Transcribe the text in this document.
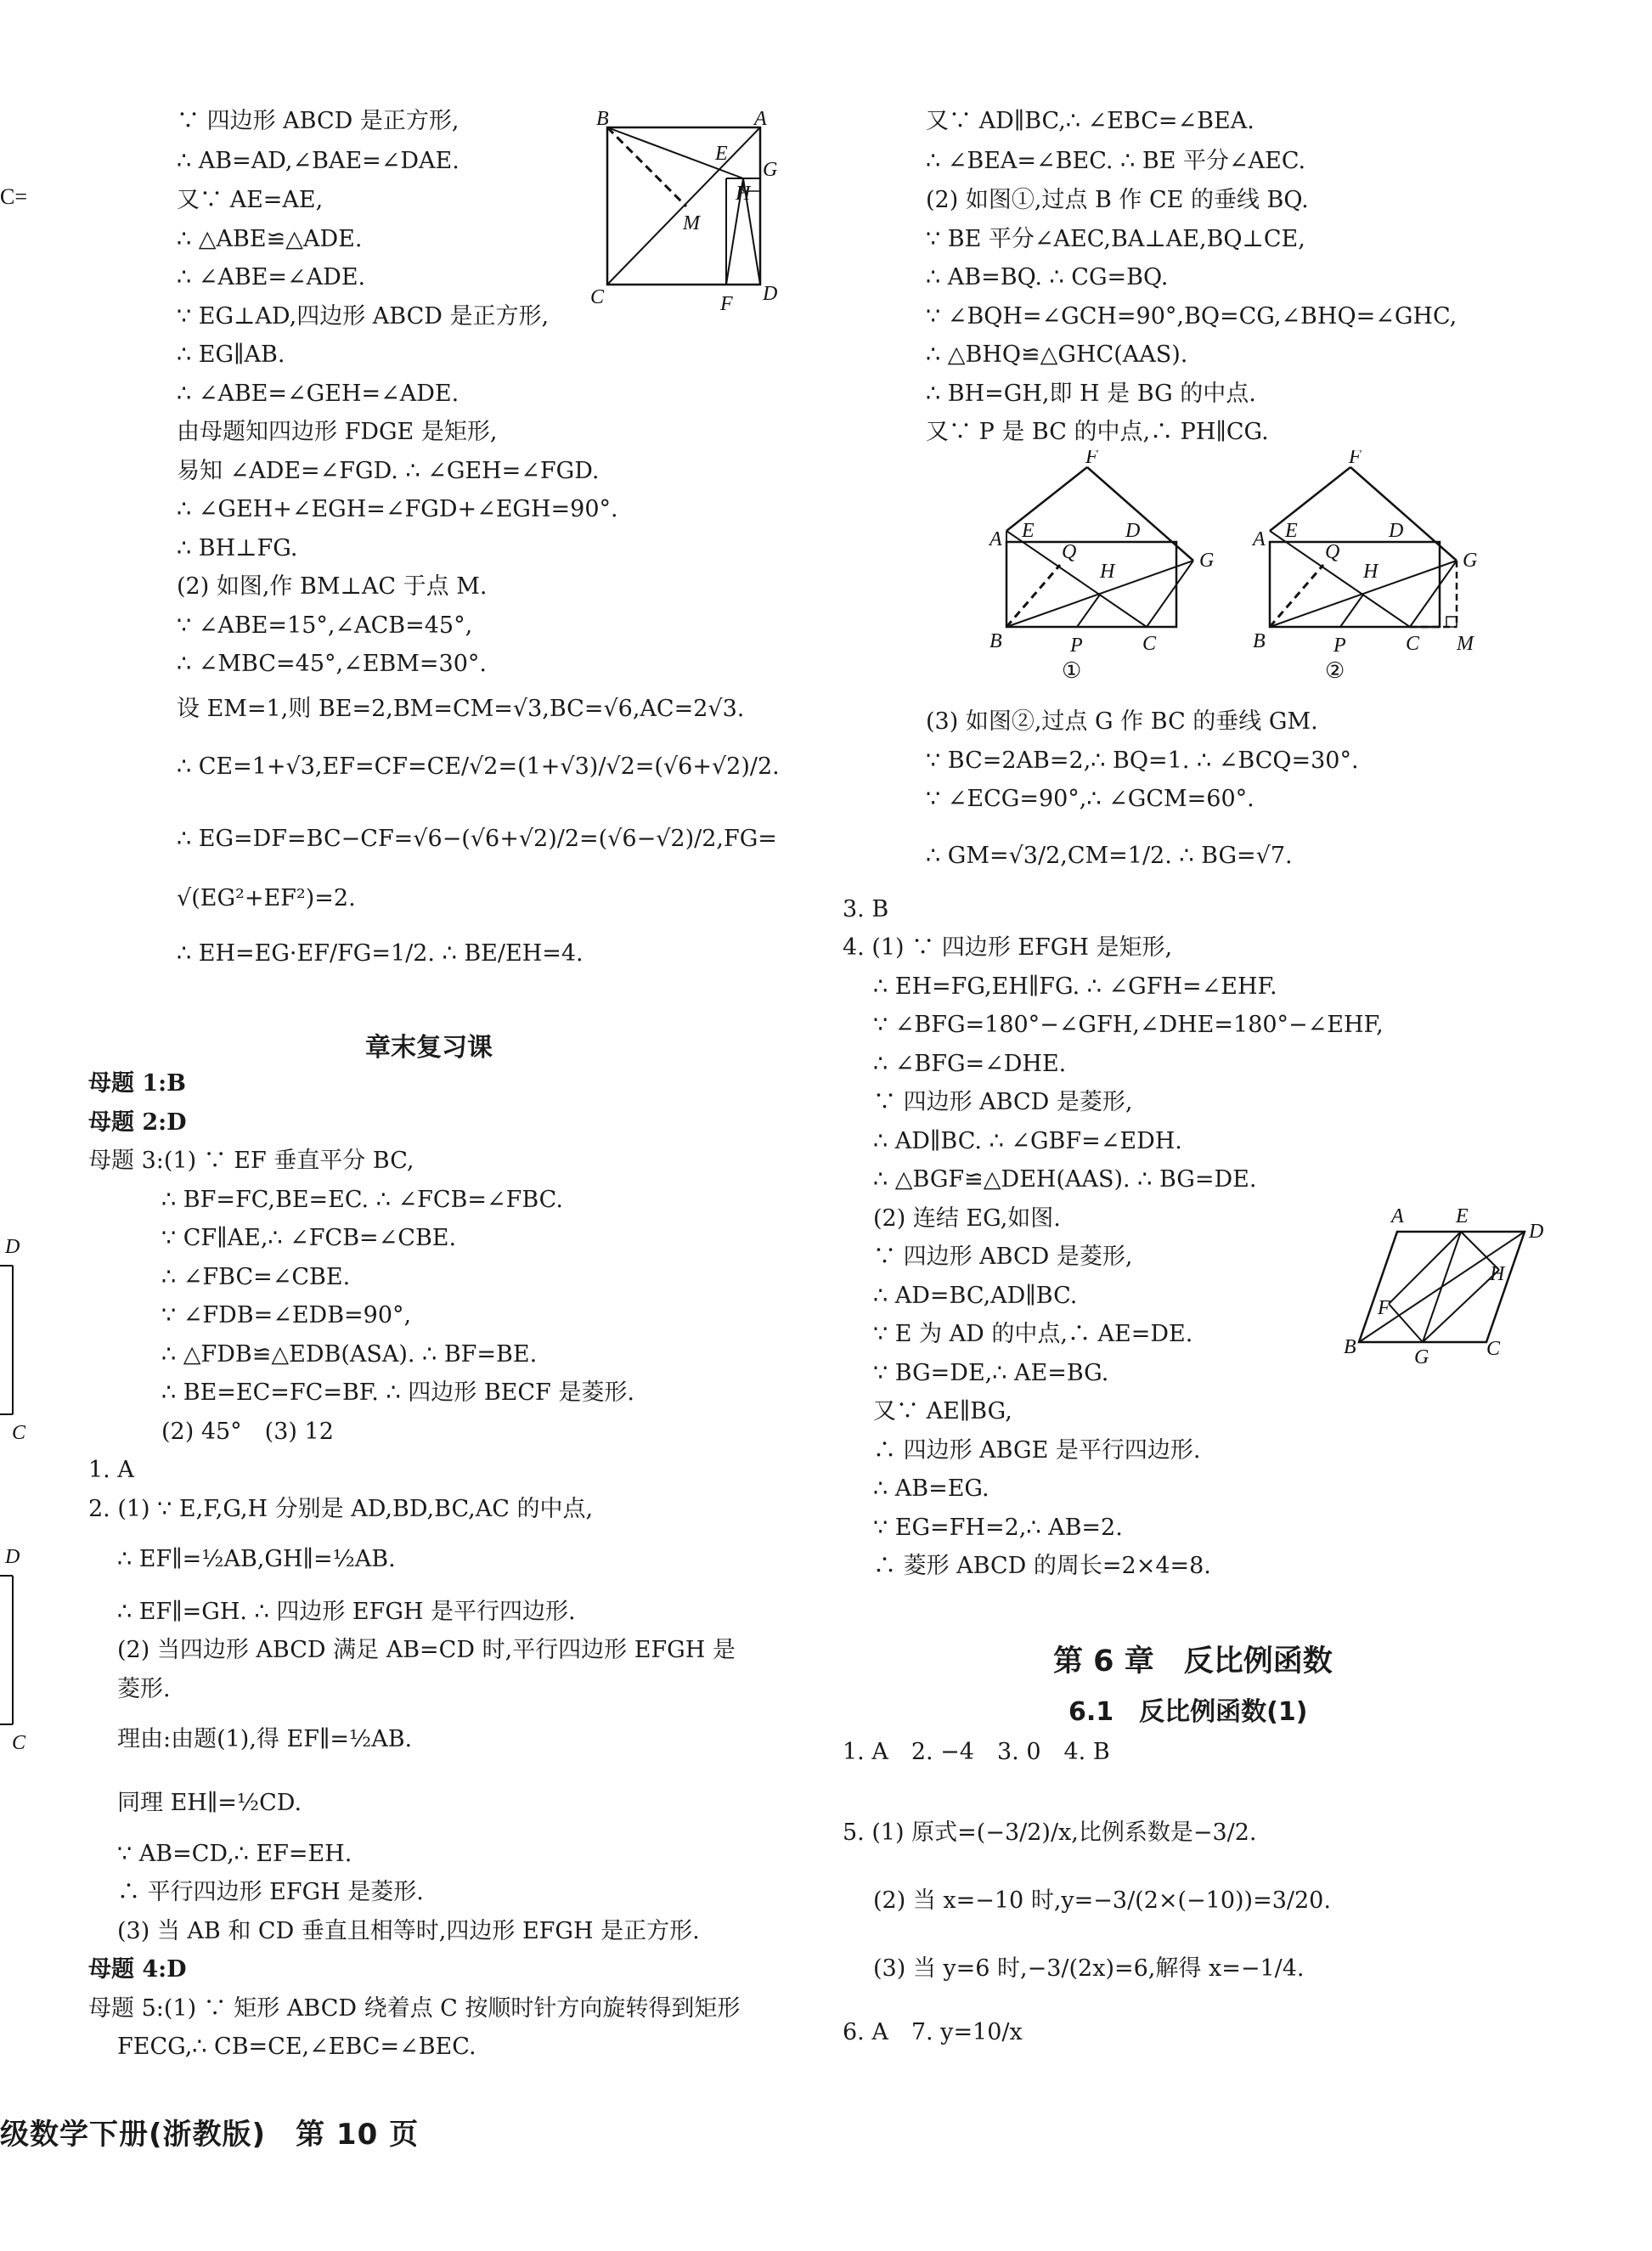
∵ 四边形 ABCD 是正方形,
∴ AB=AD,∠BAE=∠DAE.
又∵ AE=AE,
∴ △ABE≌△ADE.
∴ ∠ABE=∠ADE.
∵ EG⊥AD,四边形 ABCD 是正方形,
∴ EG∥AB.
∴ ∠ABE=∠GEH=∠ADE.
由母题知四边形 FDGE 是矩形,
易知 ∠ADE=∠FGD. ∴ ∠GEH=∠FGD.
∴ ∠GEH+∠EGH=∠FGD+∠EGH=90°.
∴ BH⊥FG.
(2) 如图,作 BM⊥AC 于点 M.
∵ ∠ABE=15°,∠ACB=45°,
∴ ∠MBC=45°,∠EBM=30°.
设 EM=1,则 BE=2,BM=CM=√3,BC=√6,AC=2√3.
∴ CE=1+√3,EF=CF=CE/√2=(1+√3)/√2=(√6+√2)/2.
∴ EG=DF=BC−CF=√6−(√6+√2)/2=(√6−√2)/2,FG=
√(EG²+EF²)=2.
∴ EH=EG·EF/FG=1/2. ∴ BE/EH=4.
章末复习课
母题 1:B
母题 2:D
母题 3:(1) ∵ EF 垂直平分 BC,
∴ BF=FC,BE=EC. ∴ ∠FCB=∠FBC.
∵ CF∥AE,∴ ∠FCB=∠CBE.
∴ ∠FBC=∠CBE.
∵ ∠FDB=∠EDB=90°,
∴ △FDB≌△EDB(ASA). ∴ BF=BE.
∴ BE=EC=FC=BF. ∴ 四边形 BECF 是菱形.
(2) 45°　(3) 12
1. A
2. (1) ∵ E,F,G,H 分别是 AD,BD,BC,AC 的中点,
∴ EF∥=½AB,GH∥=½AB.
∴ EF∥=GH. ∴ 四边形 EFGH 是平行四边形.
(2) 当四边形 ABCD 满足 AB=CD 时,平行四边形 EFGH 是
菱形.
理由:由题(1),得 EF∥=½AB.
同理 EH∥=½CD.
∵ AB=CD,∴ EF=EH.
∴ 平行四边形 EFGH 是菱形.
(3) 当 AB 和 CD 垂直且相等时,四边形 EFGH 是正方形.
母题 4:D
母题 5:(1) ∵ 矩形 ABCD 绕着点 C 按顺时针方向旋转得到矩形
FECG,∴ CB=CE,∠EBC=∠BEC.
C=
D
C
D
C
B	A
E
G
H
M
C	F D
又∵ AD∥BC,∴ ∠EBC=∠BEA.
∴ ∠BEA=∠BEC. ∴ BE 平分∠AEC.
(2) 如图①,过点 B 作 CE 的垂线 BQ.
∵ BE 平分∠AEC,BA⊥AE,BQ⊥CE,
∴ AB=BQ. ∴ CG=BQ.
∵ ∠BQH=∠GCH=90°,BQ=CG,∠BHQ=∠GHC,
∴ △BHQ≌△GHC(AAS).
∴ BH=GH,即 H 是 BG 的中点.
又∵ P 是 BC 的中点,∴ PH∥CG.
(3) 如图②,过点 G 作 BC 的垂线 GM.
∵ BC=2AB=2,∴ BQ=1. ∴ ∠BCQ=30°.
∵ ∠ECG=90°,∴ ∠GCM=60°.
∴ GM=√3/2,CM=1/2. ∴ BG=√7.
3. B
4. (1) ∵ 四边形 EFGH 是矩形,
∴ EH=FG,EH∥FG. ∴ ∠GFH=∠EHF.
∵ ∠BFG=180°−∠GFH,∠DHE=180°−∠EHF,
∴ ∠BFG=∠DHE.
∵ 四边形 ABCD 是菱形,
∴ AD∥BC. ∴ ∠GBF=∠EDH.
∴ △BGF≌△DEH(AAS). ∴ BG=DE.
(2) 连结 EG,如图.
∵ 四边形 ABCD 是菱形,
∴ AD=BC,AD∥BC.
∵ E 为 AD 的中点,∴ AE=DE.
∵ BG=DE,∴ AE=BG.
又∵ AE∥BG,
∴ 四边形 ABGE 是平行四边形.
∴ AB=EG.
∵ EG=FH=2,∴ AB=2.
∴ 菱形 ABCD 的周长=2×4=8.
第 6 章　反比例函数
6.1　反比例函数(1)
1. A　2. −4　3. 0　4. B
5. (1) 原式=(−3/2)/x,比例系数是−3/2.
(2) 当 x=−10 时,y=−3/(2×(−10))=3/20.
(3) 当 y=6 时,−3/(2x)=6,解得 x=−1/4.
6. A　7. y=10/x
F
A E	D
Q
H	G
B	P	C
①
F
A E	D
Q
H	G
B	P	C M
②
A	E
D
H
F
B	G	C
级数学下册(浙教版)　第 10 页
